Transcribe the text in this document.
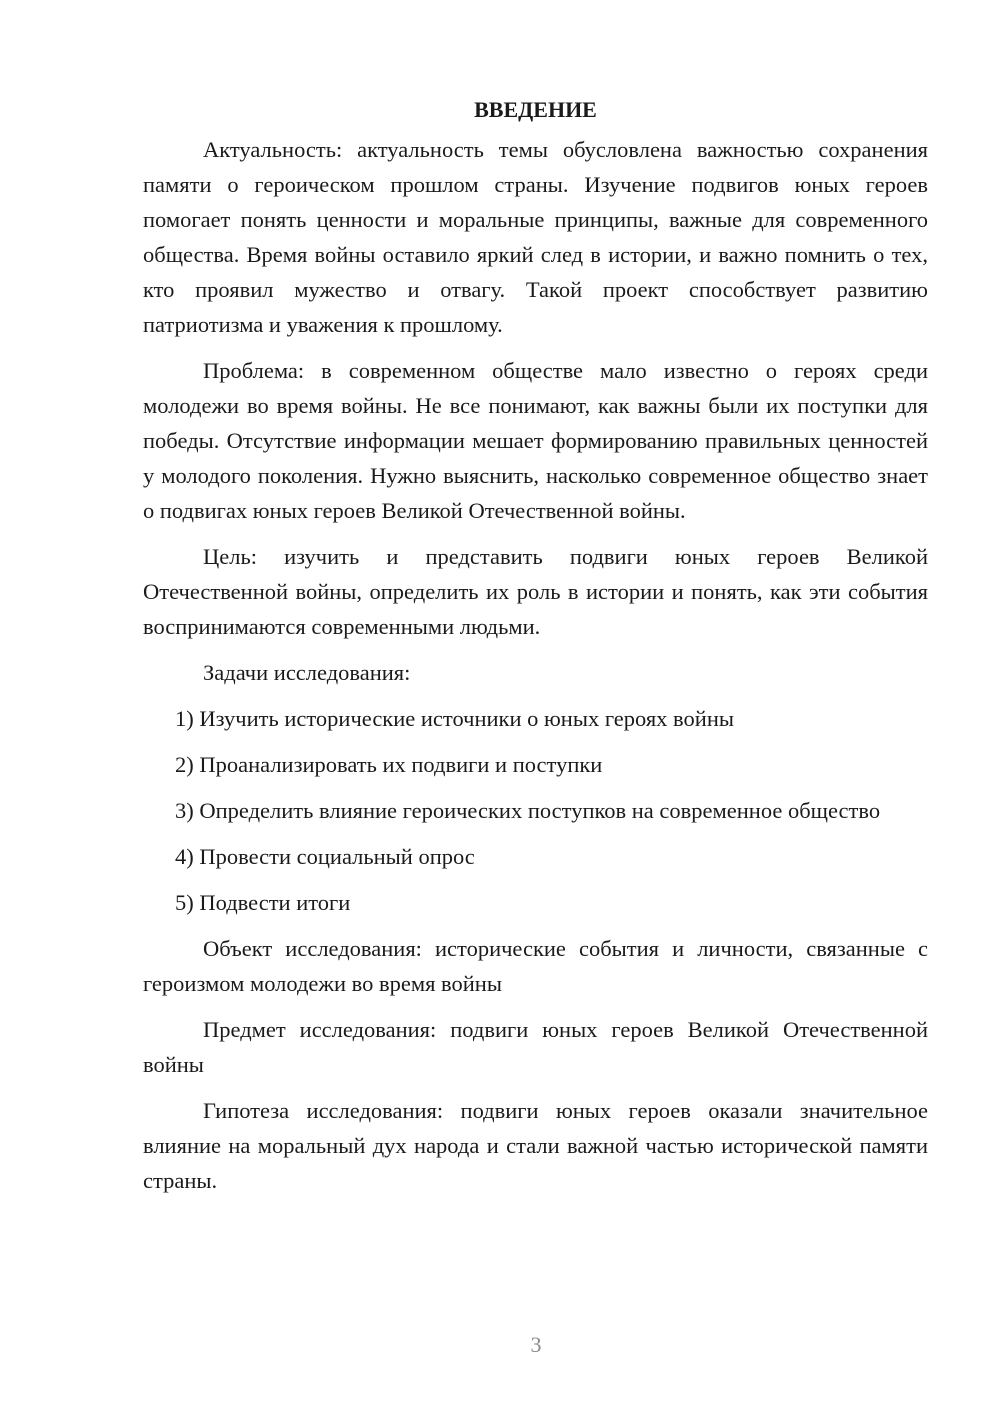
ВВЕДЕНИЕ

Актуальность: актуальность темы обусловлена важностью сохранения памяти о героическом прошлом страны. Изучение подвигов юных героев помогает понять ценности и моральные принципы, важные для современного общества. Время войны оставило яркий след в истории, и важно помнить о тех, кто проявил мужество и отвагу. Такой проект способствует развитию патриотизма и уважения к прошлому.

Проблема: в современном обществе мало известно о героях среди молодежи во время войны. Не все понимают, как важны были их поступки для победы. Отсутствие информации мешает формированию правильных ценностей у молодого поколения. Нужно выяснить, насколько современное общество знает о подвигах юных героев Великой Отечественной войны.

Цель: изучить и представить подвиги юных героев Великой Отечественной войны, определить их роль в истории и понять, как эти события воспринимаются современными людьми.

Задачи исследования:

1) Изучить исторические источники о юных героях войны

2) Проанализировать их подвиги и поступки

3) Определить влияние героических поступков на современное общество

4) Провести социальный опрос

5) Подвести итоги

Объект исследования: исторические события и личности, связанные с героизмом молодежи во время войны

Предмет исследования: подвиги юных героев Великой Отечественной войны

Гипотеза исследования: подвиги юных героев оказали значительное влияние на моральный дух народа и стали важной частью исторической памяти страны.

3
